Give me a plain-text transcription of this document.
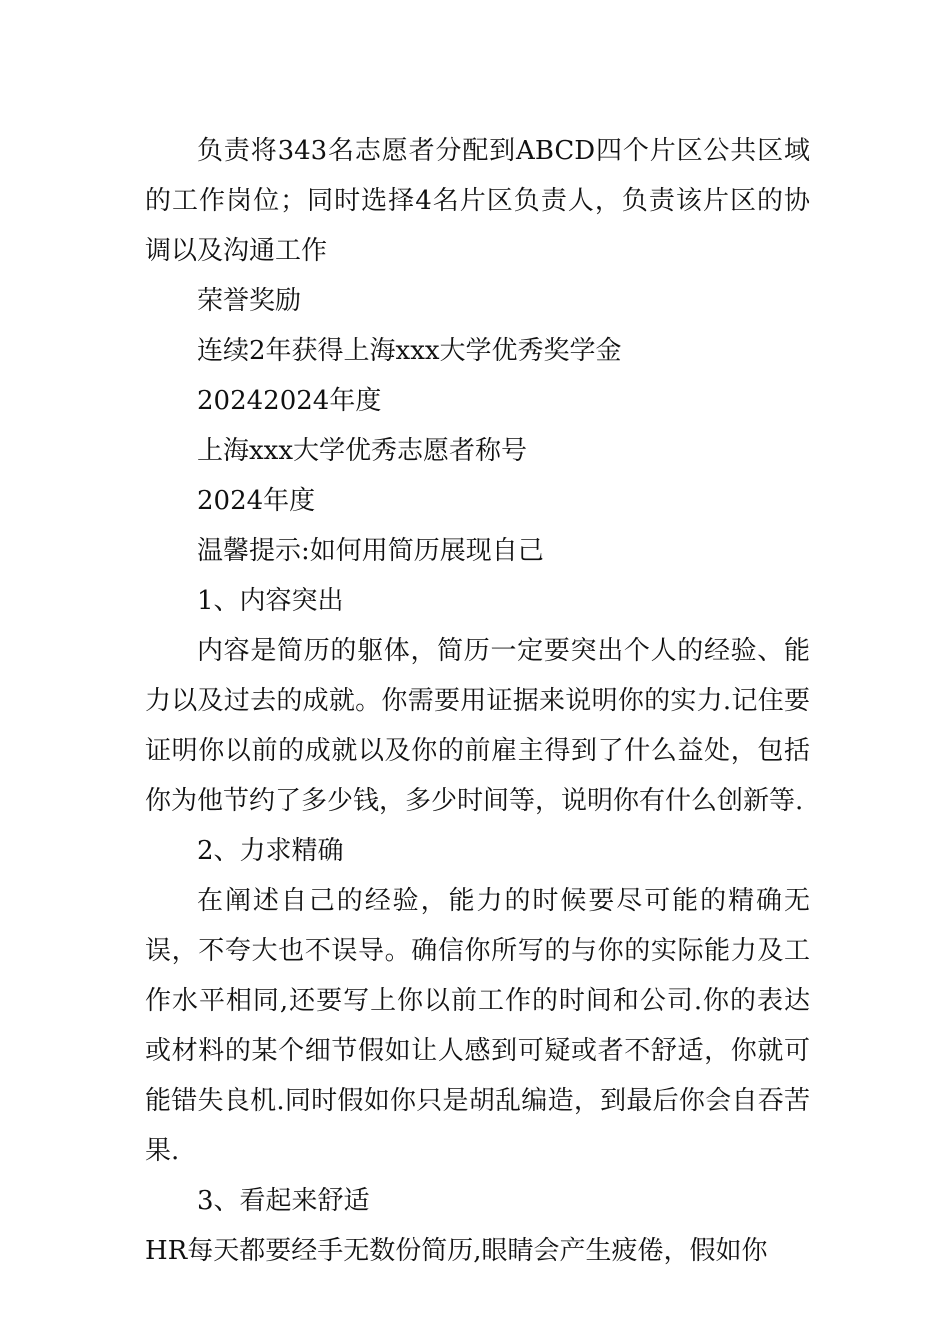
负责将343名志愿者分配到ABCD四个片区公共区域的工作岗位；同时选择4名片区负责人，负责该片区的协调以及沟通工作

荣誉奖励

连续2年获得上海xxx大学优秀奖学金

20242024年度

上海xxx大学优秀志愿者称号

2024年度

温馨提示:如何用简历展现自己

1、内容突出

内容是简历的躯体，简历一定要突出个人的经验、能力以及过去的成就。你需要用证据来说明你的实力.记住要证明你以前的成就以及你的前雇主得到了什么益处，包括你为他节约了多少钱，多少时间等，说明你有什么创新等.

2、力求精确

在阐述自己的经验，能力的时候要尽可能的精确无误，不夸大也不误导。确信你所写的与你的实际能力及工作水平相同,还要写上你以前工作的时间和公司.你的表达或材料的某个细节假如让人感到可疑或者不舒适，你就可能错失良机.同时假如你只是胡乱编造，到最后你会自吞苦果.

3、看起来舒适

HR每天都要经手无数份简历,眼睛会产生疲倦，假如你
